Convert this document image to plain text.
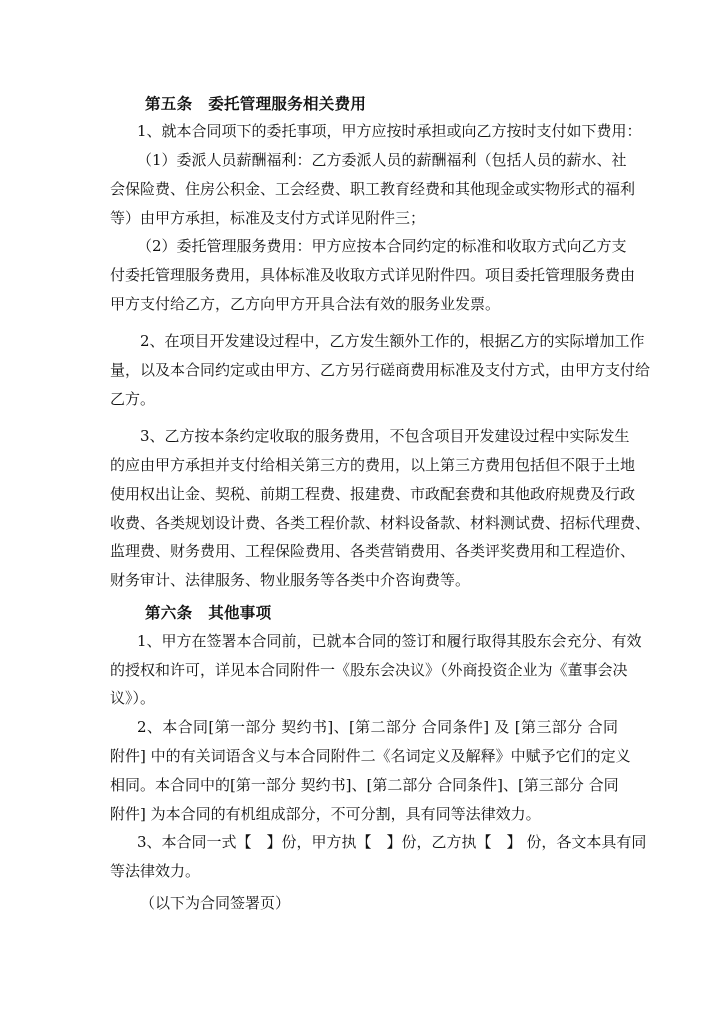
第五条　委托管理服务相关费用
1、就本合同项下的委托事项，甲方应按时承担或向乙方按时支付如下费用：
（1）委派人员薪酬福利：乙方委派人员的薪酬福利（包括人员的薪水、社
会保险费、住房公积金、工会经费、职工教育经费和其他现金或实物形式的福利
等）由甲方承担，标准及支付方式详见附件三；
（2）委托管理服务费用：甲方应按本合同约定的标准和收取方式向乙方支
付委托管理服务费用，具体标准及收取方式详见附件四。项目委托管理服务费由
甲方支付给乙方，乙方向甲方开具合法有效的服务业发票。
2、在项目开发建设过程中，乙方发生额外工作的，根据乙方的实际增加工作
量，以及本合同约定或由甲方、乙方另行磋商费用标准及支付方式，由甲方支付给
乙方。
3、乙方按本条约定收取的服务费用，不包含项目开发建设过程中实际发生
的应由甲方承担并支付给相关第三方的费用，以上第三方费用包括但不限于土地
使用权出让金、契税、前期工程费、报建费、市政配套费和其他政府规费及行政
收费、各类规划设计费、各类工程价款、材料设备款、材料测试费、招标代理费、
监理费、财务费用、工程保险费用、各类营销费用、各类评奖费用和工程造价、
财务审计、法律服务、物业服务等各类中介咨询费等。
第六条　其他事项
1、甲方在签署本合同前，已就本合同的签订和履行取得其股东会充分、有效
的授权和许可，详见本合同附件一《股东会决议》（外商投资企业为《董事会决
议》）。
2、本合同[第一部分 契约书]、[第二部分 合同条件] 及 [第三部分 合同
附件] 中的有关词语含义与本合同附件二《名词定义及解释》中赋予它们的定义
相同。本合同中的[第一部分 契约书]、[第二部分 合同条件]、[第三部分 合同
附件] 为本合同的有机组成部分，不可分割，具有同等法律效力。
3、本合同一式【　】份，甲方执【　】份，乙方执【　】 份，各文本具有同
等法律效力。
（以下为合同签署页）
